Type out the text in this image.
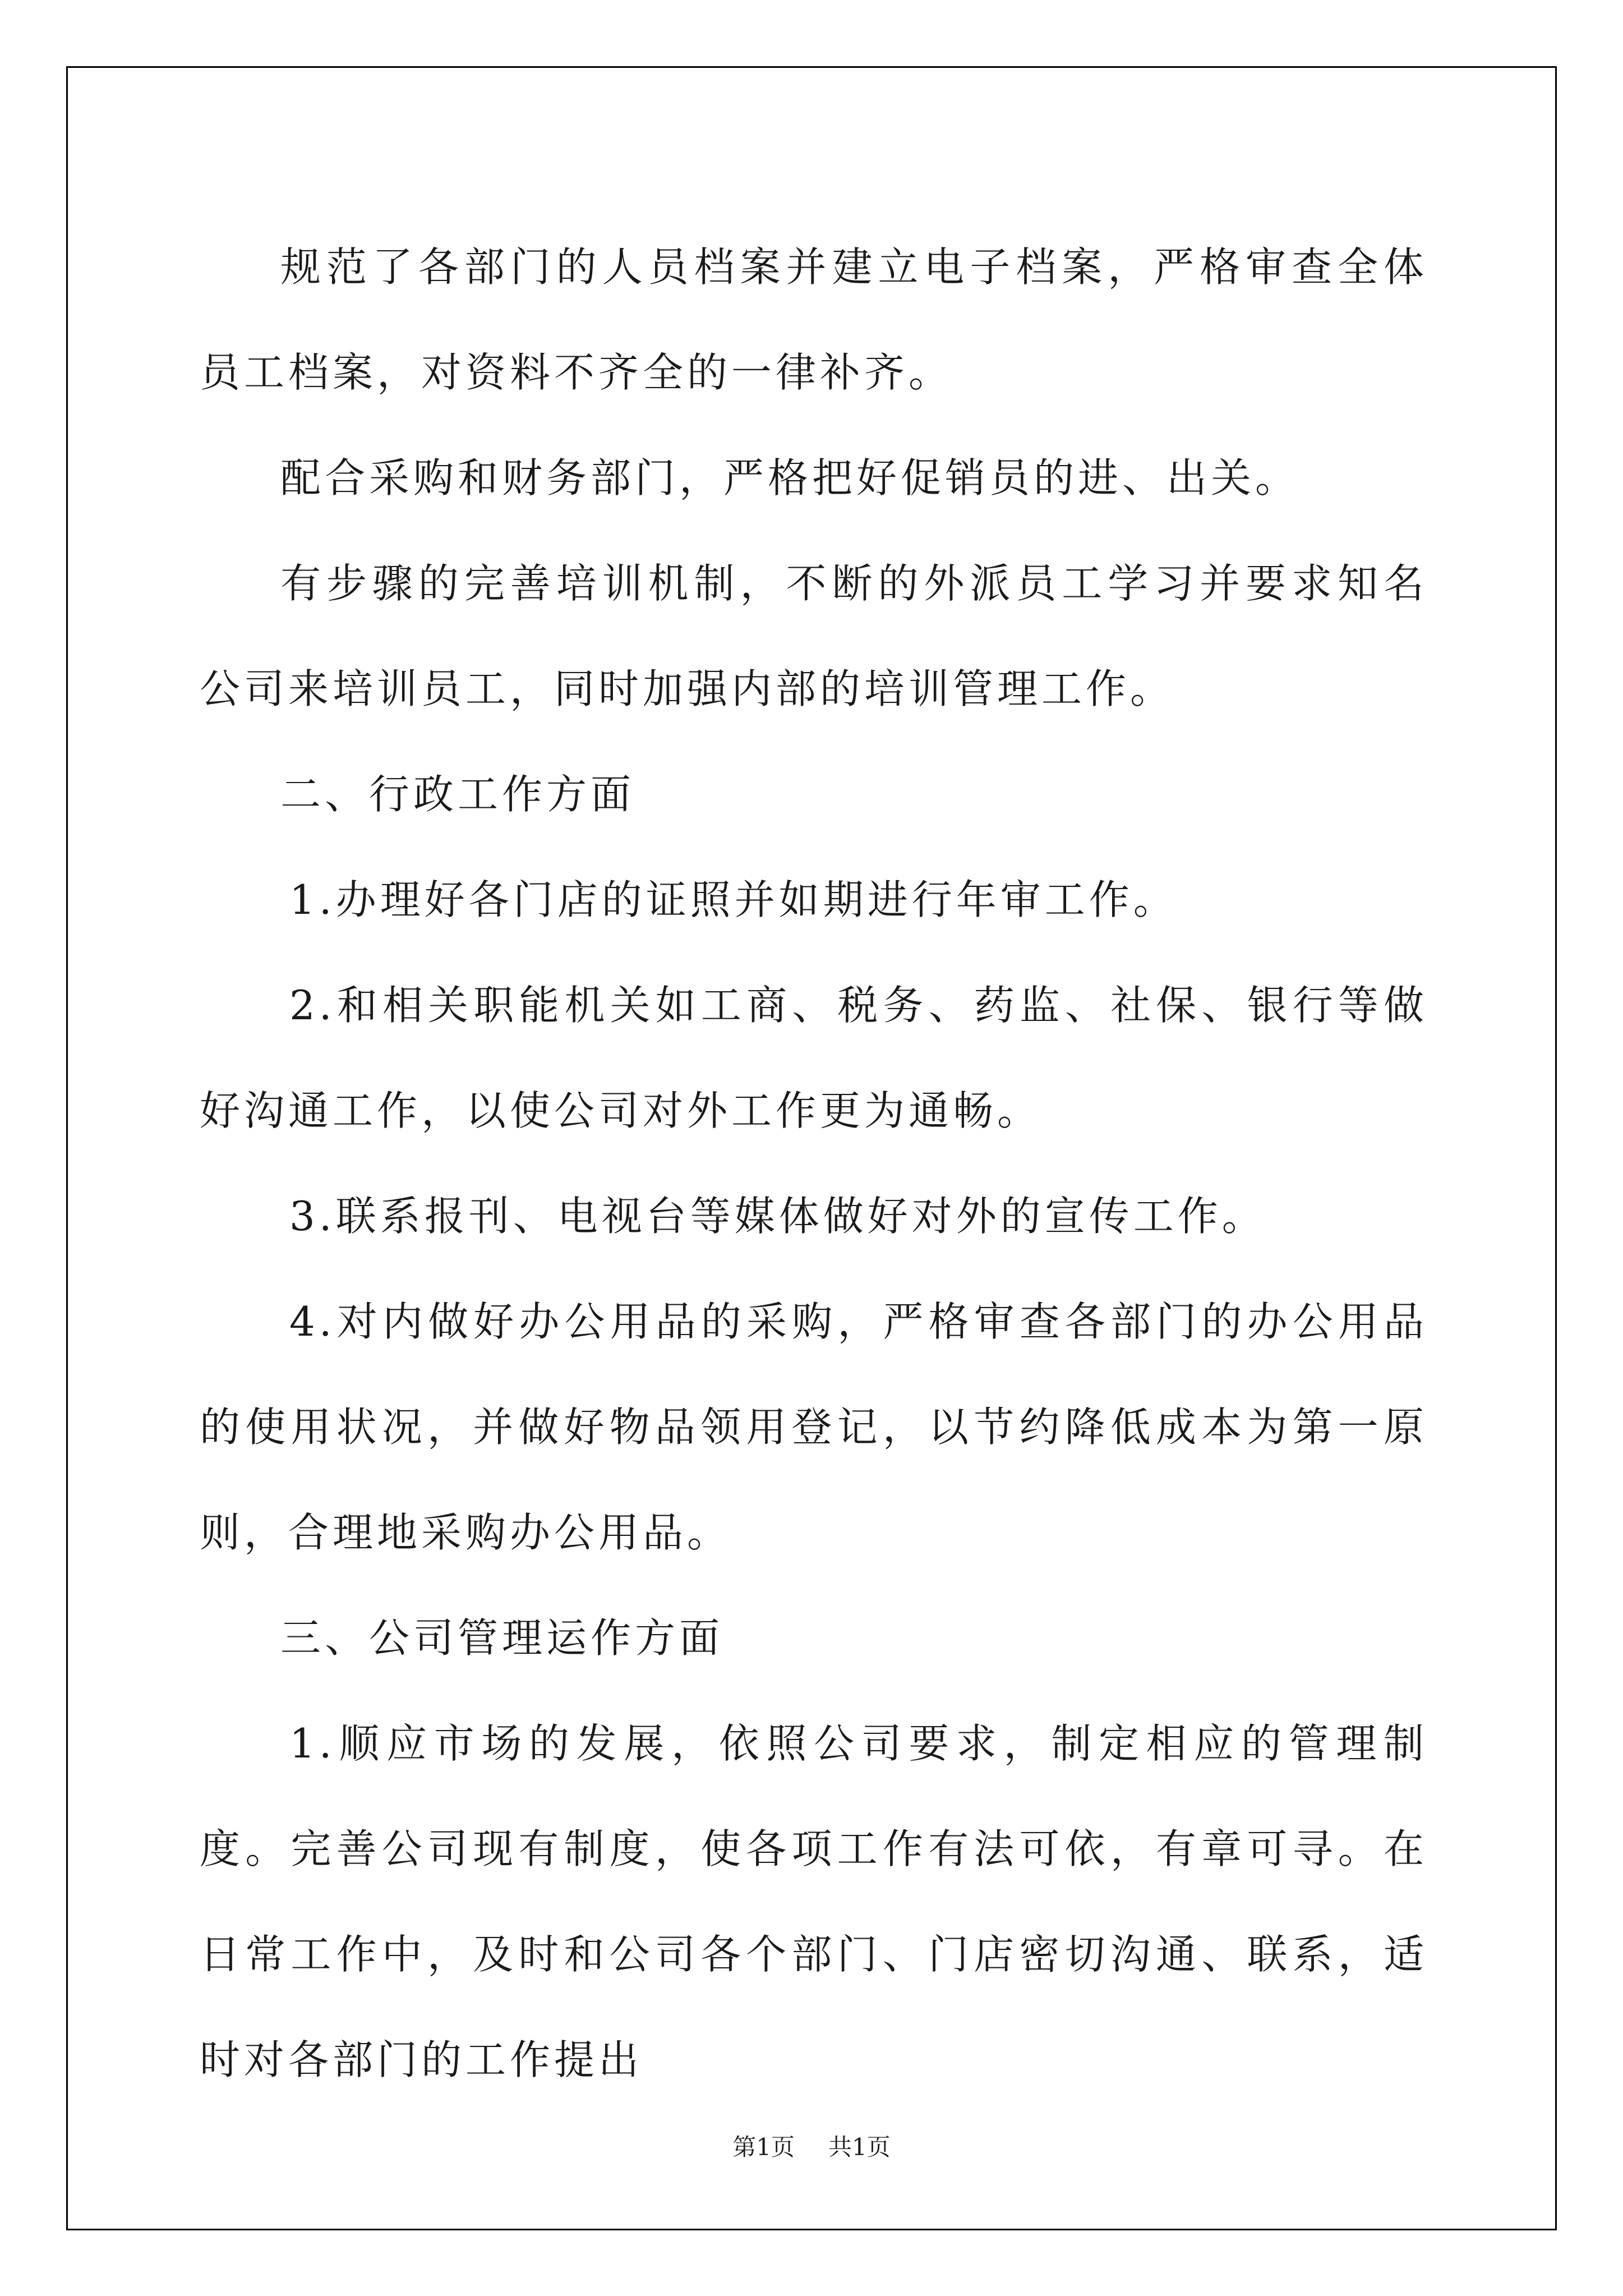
规范了各部门的人员档案并建立电子档案，严格审查全体员工档案，对资料不齐全的一律补齐。

配合采购和财务部门，严格把好促销员的进、出关。

有步骤的完善培训机制，不断的外派员工学习并要求知名公司来培训员工，同时加强内部的培训管理工作。

二、行政工作方面

1.办理好各门店的证照并如期进行年审工作。

2.和相关职能机关如工商、税务、药监、社保、银行等做好沟通工作，以使公司对外工作更为通畅。

3.联系报刊、电视台等媒体做好对外的宣传工作。

4.对内做好办公用品的采购，严格审查各部门的办公用品的使用状况，并做好物品领用登记，以节约降低成本为第一原则，合理地采购办公用品。

三、公司管理运作方面

1.顺应市场的发展，依照公司要求，制定相应的管理制度。完善公司现有制度，使各项工作有法可依，有章可寻。在日常工作中，及时和公司各个部门、门店密切沟通、联系，适时对各部门的工作提出

第1页 共1页
